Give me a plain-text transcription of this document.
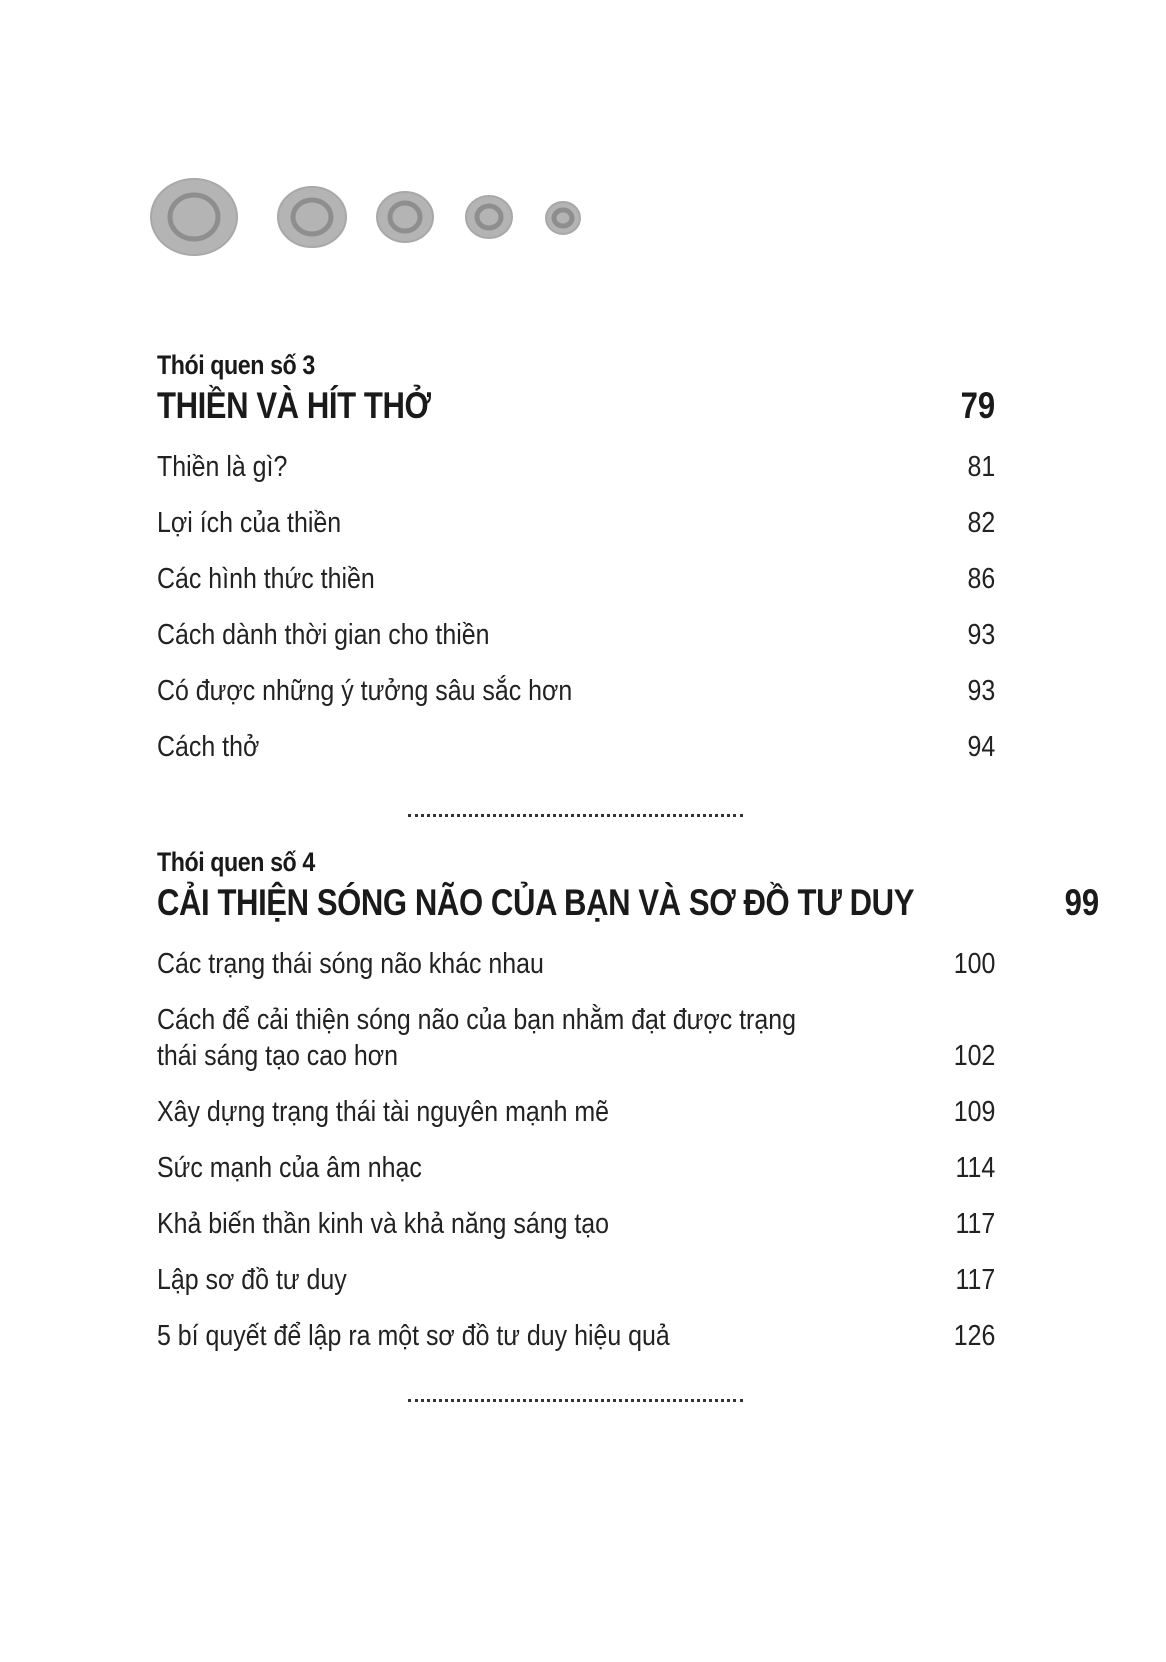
Thói quen số 3
THIỀN VÀ HÍT THỞ	79
Thiền là gì?	81
Lợi ích của thiền	82
Các hình thức thiền	86
Cách dành thời gian cho thiền	93
Có được những ý tưởng sâu sắc hơn	93
Cách thở	94
Thói quen số 4
CẢI THIỆN SÓNG NÃO CỦA BẠN VÀ SƠ ĐỒ TƯ DUY	99
Các trạng thái sóng não khác nhau	100
Cách để cải thiện sóng não của bạn nhằm đạt được trạng thái sáng tạo cao hơn	102
Xây dựng trạng thái tài nguyên mạnh mẽ	109
Sức mạnh của âm nhạc	114
Khả biến thần kinh và khả năng sáng tạo	117
Lập sơ đồ tư duy	117
5 bí quyết để lập ra một sơ đồ tư duy hiệu quả	126
